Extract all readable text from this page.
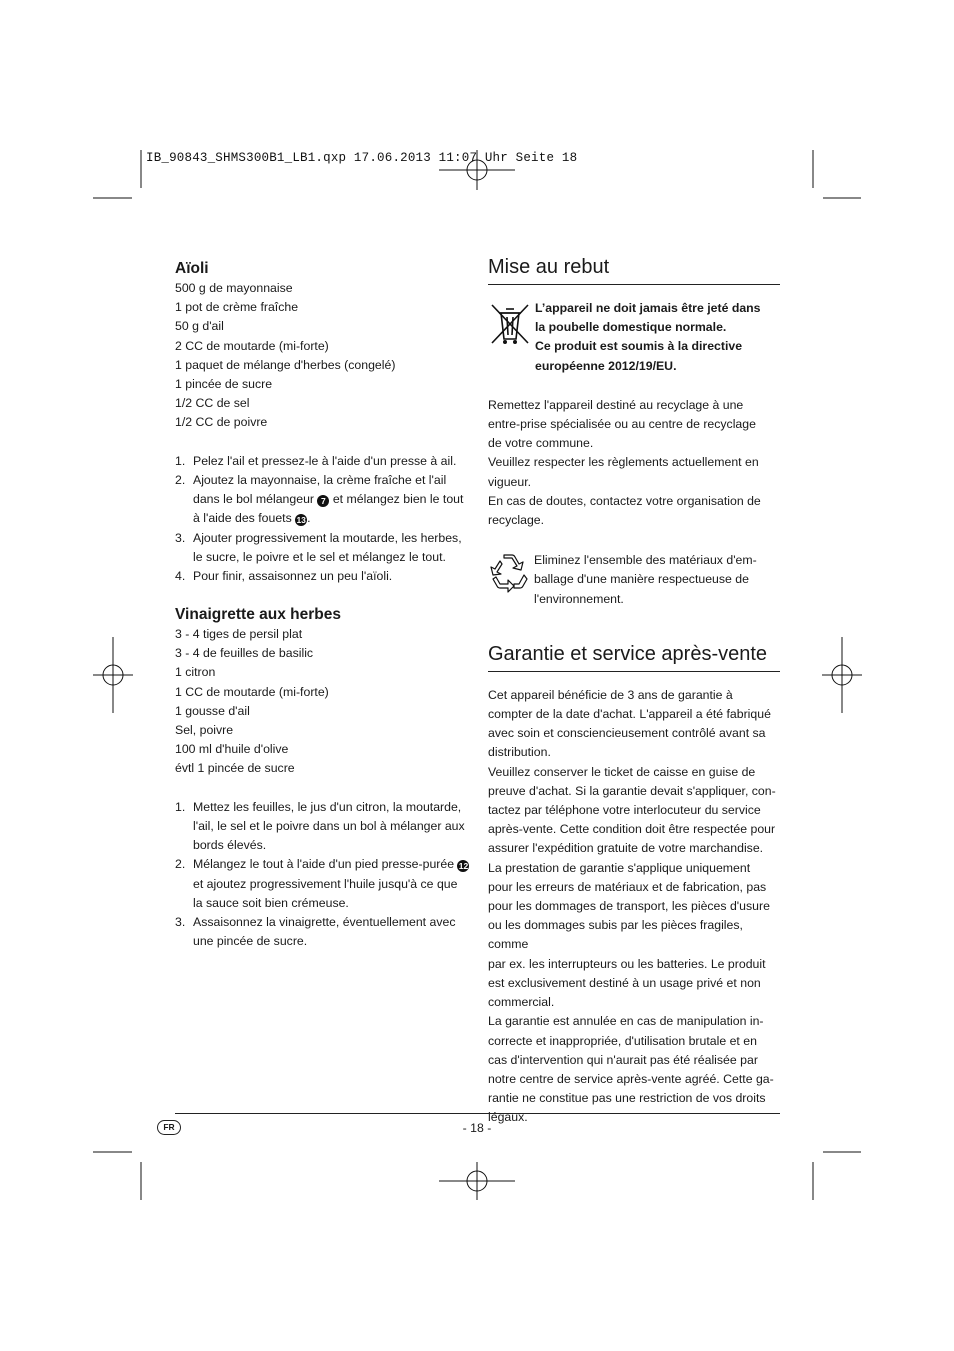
IB_90843_SHMS300B1_LB1.qxp 17.06.2013 11:07 Uhr Seite 18
Aïoli
500 g de mayonnaise
1 pot de crème fraîche
50 g d'ail
2 CC de moutarde (mi-forte)
1 paquet de mélange d'herbes (congelé)
1 pincée de sucre
1/2 CC de sel
1/2 CC de poivre
1. Pelez l'ail et pressez-le à l'aide d'un presse à ail.
2. Ajoutez la mayonnaise, la crème fraîche et l'ail dans le bol mélangeur 7 et mélangez bien le tout à l'aide des fouets 13.
3. Ajouter progressivement la moutarde, les herbes, le sucre, le poivre et le sel et mélangez le tout.
4. Pour finir, assaisonnez un peu l'aïoli.
Vinaigrette aux herbes
3 - 4 tiges de persil plat
3 - 4 de feuilles de basilic
1 citron
1 CC de moutarde (mi-forte)
1 gousse d'ail
Sel, poivre
100 ml d'huile d'olive
évtl 1 pincée de sucre
1. Mettez les feuilles, le jus d'un citron, la moutarde, l'ail, le sel et le poivre dans un bol à mélanger aux bords élevés.
2. Mélangez le tout à l'aide d'un pied presse-purée 12 et ajoutez progressivement l'huile jusqu'à ce que la sauce soit bien crémeuse.
3. Assaisonnez la vinaigrette, éventuellement avec une pincée de sucre.
Mise au rebut
L’appareil ne doit jamais être jeté dans
la poubelle domestique normale.
Ce produit est soumis à la directive
européenne 2012/19/EU.
Remettez l'appareil destiné au recyclage à une
entre-prise spécialisée ou au centre de recyclage
de votre commune.
Veuillez respecter les règlements actuellement en
vigueur.
En cas de doutes, contactez votre organisation de
recyclage.
Eliminez l'ensemble des matériaux d'em-
ballage d'une manière respectueuse de
l'environnement.
Garantie et service après-vente
Cet appareil bénéficie de 3 ans de garantie à
compter de la date d'achat. L'appareil a été fabriqué
avec soin et consciencieusement contrôlé avant sa
distribution.
Veuillez conserver le ticket de caisse en guise de
preuve d'achat. Si la garantie devait s'appliquer, con-
tactez par téléphone votre interlocuteur du service
après-vente. Cette condition doit être respectée pour
assurer l'expédition gratuite de votre marchandise.
La prestation de garantie s'applique uniquement
pour les erreurs de matériaux et de fabrication, pas
pour les dommages de transport, les pièces d'usure
ou les dommages subis par les pièces fragiles, comme
par ex. les interrupteurs ou les batteries. Le produit
est exclusivement destiné à un usage privé et non
commercial.
La garantie est annulée en cas de manipulation in-
correcte et inappropriée, d'utilisation brutale et en
cas d'intervention qui n'aurait pas été réalisée par
notre centre de service après-vente agréé. Cette ga-
rantie ne constitue pas une restriction de vos droits
légaux.
FR	- 18 -
